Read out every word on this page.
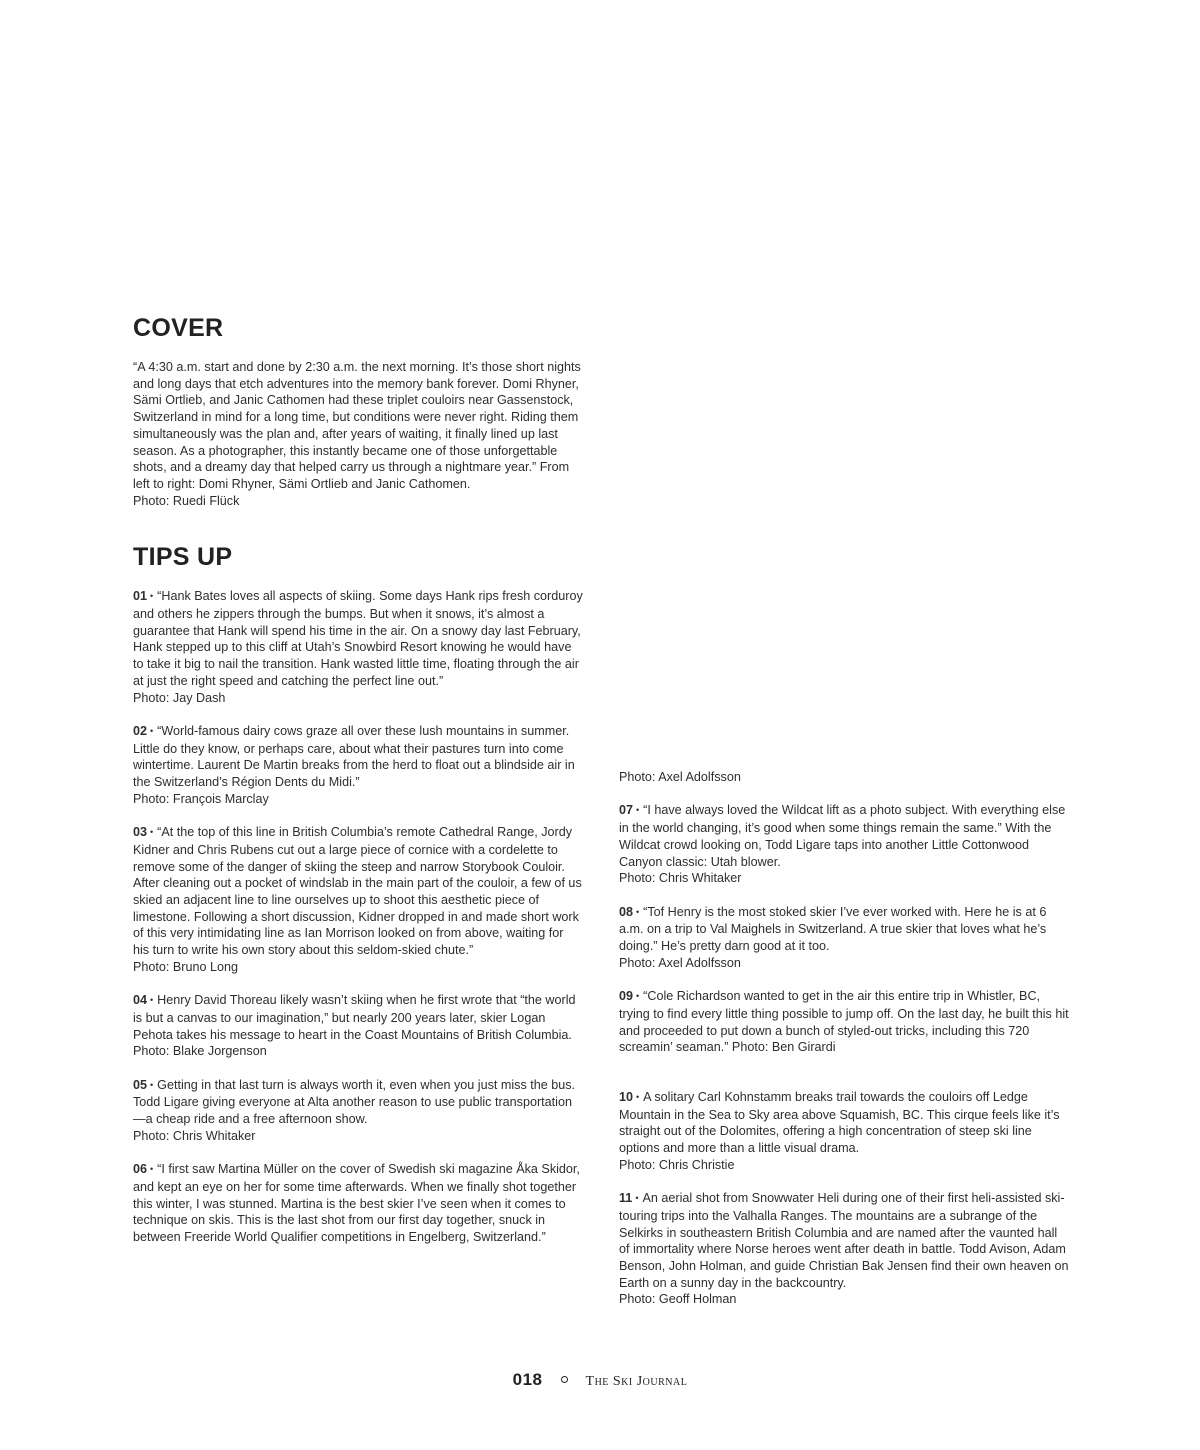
COVER

“A 4:30 a.m. start and done by 2:30 a.m. the next morning. It’s those short nights and long days that etch adventures into the memory bank forever. Domi Rhyner, Sämi Ortlieb, and Janic Cathomen had these triplet couloirs near Gassenstock, Switzerland in mind for a long time, but conditions were never right. Riding them simultaneously was the plan and, after years of waiting, it finally lined up last season. As a photographer, this instantly became one of those unforgettable shots, and a dreamy day that helped carry us through a nightmare year.” From left to right: Domi Rhyner, Sämi Ortlieb and Janic Cathomen.
Photo: Ruedi Flück

TIPS UP

01 • “Hank Bates loves all aspects of skiing. Some days Hank rips fresh corduroy and others he zippers through the bumps. But when it snows, it’s almost a guarantee that Hank will spend his time in the air. On a snowy day last February, Hank stepped up to this cliff at Utah’s Snowbird Resort knowing he would have to take it big to nail the transition. Hank wasted little time, floating through the air at just the right speed and catching the perfect line out.”
Photo: Jay Dash

02 • “World-famous dairy cows graze all over these lush mountains in summer. Little do they know, or perhaps care, about what their pastures turn into come wintertime. Laurent De Martin breaks from the herd to float out a blindside air in the Switzerland’s Région Dents du Midi.”
Photo: François Marclay

03 • “At the top of this line in British Columbia’s remote Cathedral Range, Jordy Kidner and Chris Rubens cut out a large piece of cornice with a cordelette to remove some of the danger of skiing the steep and narrow Storybook Couloir. After cleaning out a pocket of windslab in the main part of the couloir, a few of us skied an adjacent line to line ourselves up to shoot this aesthetic piece of limestone. Following a short discussion, Kidner dropped in and made short work of this very intimidating line as Ian Morrison looked on from above, waiting for his turn to write his own story about this seldom-skied chute.”
Photo: Bruno Long

04 • Henry David Thoreau likely wasn’t skiing when he first wrote that “the world is but a canvas to our imagination,” but nearly 200 years later, skier Logan Pehota takes his message to heart in the Coast Mountains of British Columbia.
Photo: Blake Jorgenson

05 • Getting in that last turn is always worth it, even when you just miss the bus. Todd Ligare giving everyone at Alta another reason to use public transportation—a cheap ride and a free afternoon show.
Photo: Chris Whitaker

06 • “I first saw Martina Müller on the cover of Swedish ski magazine Åka Skidor, and kept an eye on her for some time afterwards. When we finally shot together this winter, I was stunned. Martina is the best skier I’ve seen when it comes to technique on skis. This is the last shot from our first day together, snuck in between Freeride World Qualifier competitions in Engelberg, Switzerland.”

Photo: Axel Adolfsson

07 • “I have always loved the Wildcat lift as a photo subject. With everything else in the world changing, it’s good when some things remain the same.” With the Wildcat crowd looking on, Todd Ligare taps into another Little Cottonwood Canyon classic: Utah blower.
Photo: Chris Whitaker

08 • “Tof Henry is the most stoked skier I’ve ever worked with. Here he is at 6 a.m. on a trip to Val Maighels in Switzerland. A true skier that loves what he’s doing.” He’s pretty darn good at it too.
Photo: Axel Adolfsson

09 • “Cole Richardson wanted to get in the air this entire trip in Whistler, BC, trying to find every little thing possible to jump off. On the last day, he built this hit and proceeded to put down a bunch of styled-out tricks, including this 720 screamin’ seaman.” Photo: Ben Girardi

10 • A solitary Carl Kohnstamm breaks trail towards the couloirs off Ledge Mountain in the Sea to Sky area above Squamish, BC. This cirque feels like it’s straight out of the Dolomites, offering a high concentration of steep ski line options and more than a little visual drama.
Photo: Chris Christie

11 • An aerial shot from Snowwater Heli during one of their first heli-assisted ski-touring trips into the Valhalla Ranges. The mountains are a subrange of the Selkirks in southeastern British Columbia and are named after the vaunted hall of immortality where Norse heroes went after death in battle. Todd Avison, Adam Benson, John Holman, and guide Christian Bak Jensen find their own heaven on Earth on a sunny day in the backcountry.
Photo: Geoff Holman

018	The Ski Journal
